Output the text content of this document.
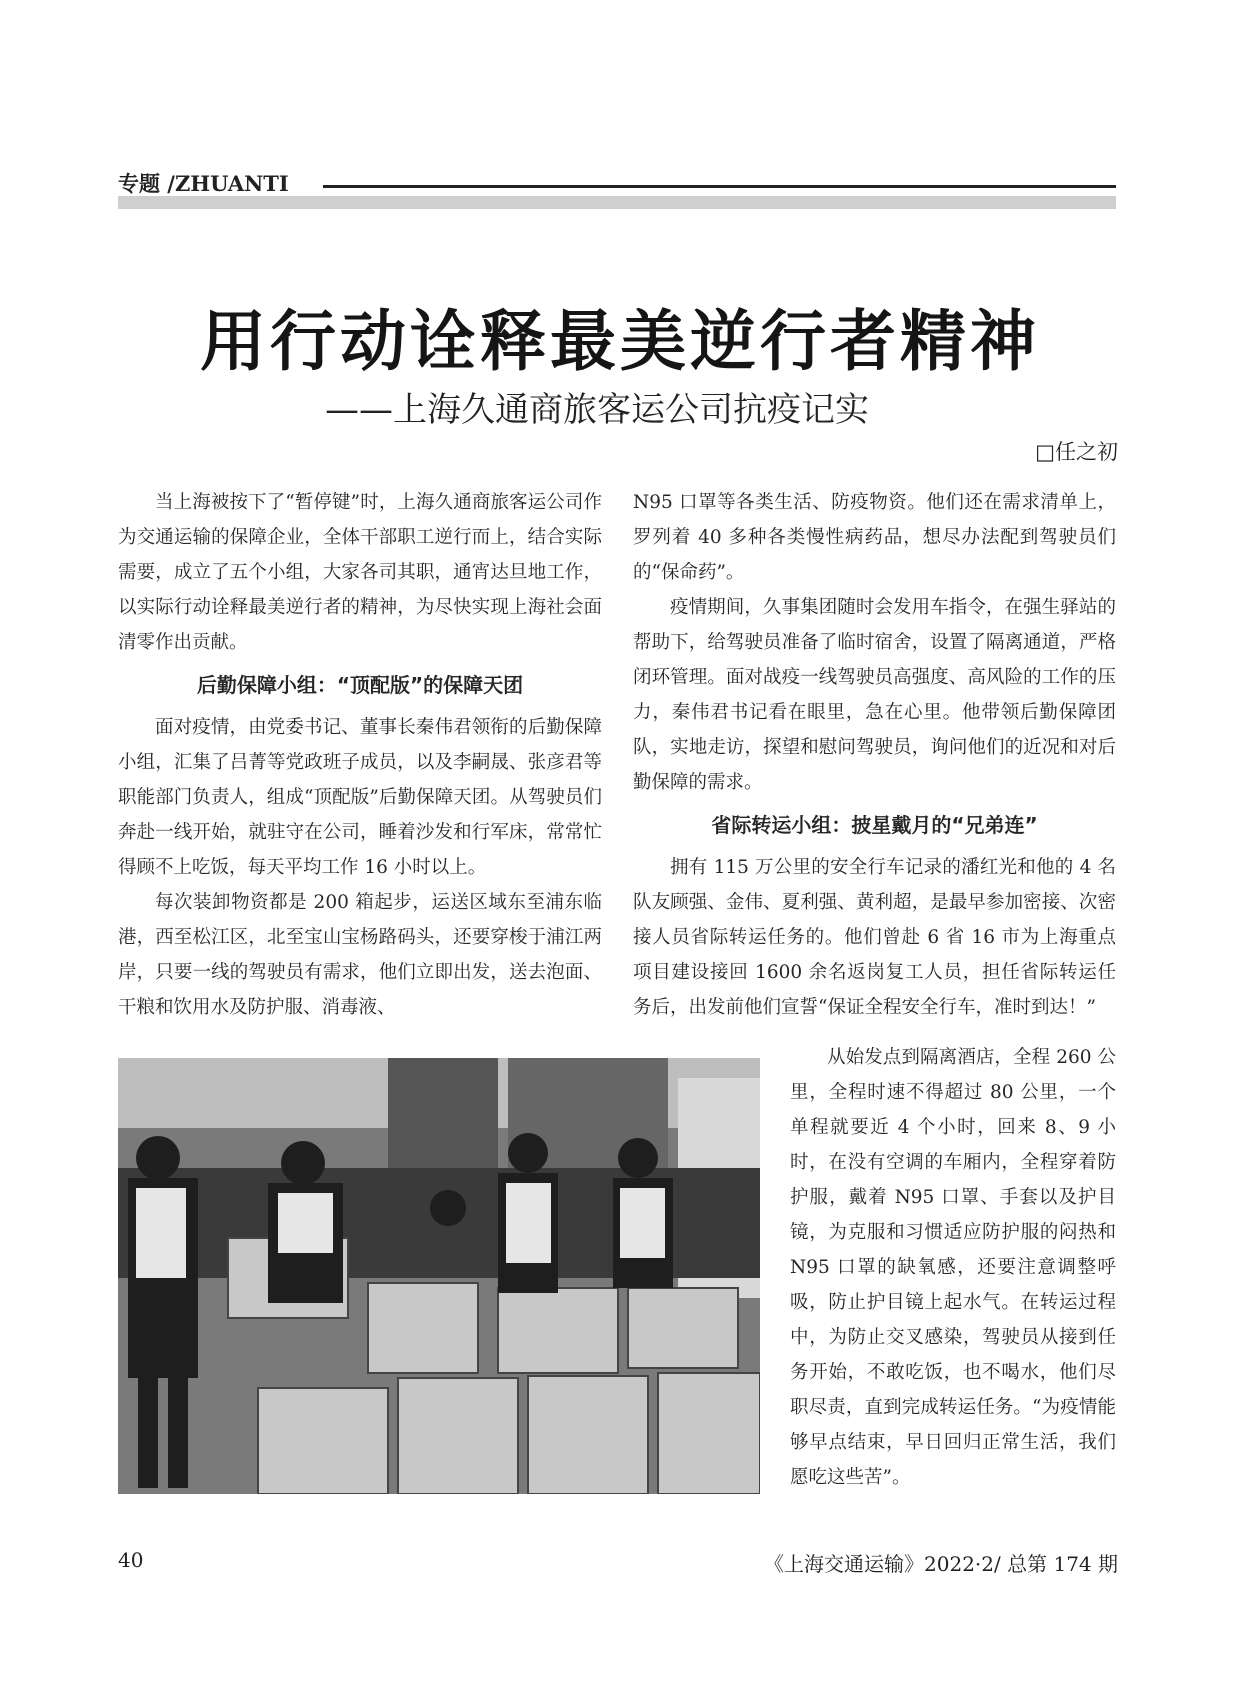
专题 /ZHUANTI
用行动诠释最美逆行者精神
——上海久通商旅客运公司抗疫记实
□任之初

当上海被按下了“暂停键”时，上海久通商旅客运公司作为交通运输的保障企业，全体干部职工逆行而上，结合实际需要，成立了五个小组，大家各司其职，通宵达旦地工作，以实际行动诠释最美逆行者的精神，为尽快实现上海社会面清零作出贡献。

后勤保障小组：“顶配版”的保障天团

面对疫情，由党委书记、董事长秦伟君领衔的后勤保障小组，汇集了吕菁等党政班子成员，以及李嗣晟、张彦君等职能部门负责人，组成“顶配版”后勤保障天团。从驾驶员们奔赴一线开始，就驻守在公司，睡着沙发和行军床，常常忙得顾不上吃饭，每天平均工作 16 小时以上。

每次装卸物资都是 200 箱起步，运送区域东至浦东临港，西至松江区，北至宝山宝杨路码头，还要穿梭于浦江两岸，只要一线的驾驶员有需求，他们立即出发，送去泡面、干粮和饮用水及防护服、消毒液、

N95 口罩等各类生活、防疫物资。他们还在需求清单上，罗列着 40 多种各类慢性病药品，想尽办法配到驾驶员们的“保命药”。

疫情期间，久事集团随时会发用车指令，在强生驿站的帮助下，给驾驶员准备了临时宿舍，设置了隔离通道，严格闭环管理。面对战疫一线驾驶员高强度、高风险的工作的压力，秦伟君书记看在眼里，急在心里。他带领后勤保障团队，实地走访，探望和慰问驾驶员，询问他们的近况和对后勤保障的需求。

省际转运小组：披星戴月的“兄弟连”

拥有 115 万公里的安全行车记录的潘红光和他的 4 名队友顾强、金伟、夏利强、黄利超，是最早参加密接、次密接人员省际转运任务的。他们曾赴 6 省 16 市为上海重点项目建设接回 1600 余名返岗复工人员，担任省际转运任务后，出发前他们宣誓“保证全程安全行车，准时到达！”

从始发点到隔离酒店，全程 260 公里，全程时速不得超过 80 公里，一个单程就要近 4 个小时，回来 8、9 小时，在没有空调的车厢内，全程穿着防护服，戴着 N95 口罩、手套以及护目镜，为克服和习惯适应防护服的闷热和 N95 口罩的缺氧感，还要注意调整呼吸，防止护目镜上起水气。在转运过程中，为防止交叉感染，驾驶员从接到任务开始，不敢吃饭，也不喝水，他们尽职尽责，直到完成转运任务。“为疫情能够早点结束，早日回归正常生活，我们愿吃这些苦”。

40	《上海交通运输》2022·2/ 总第 174 期
